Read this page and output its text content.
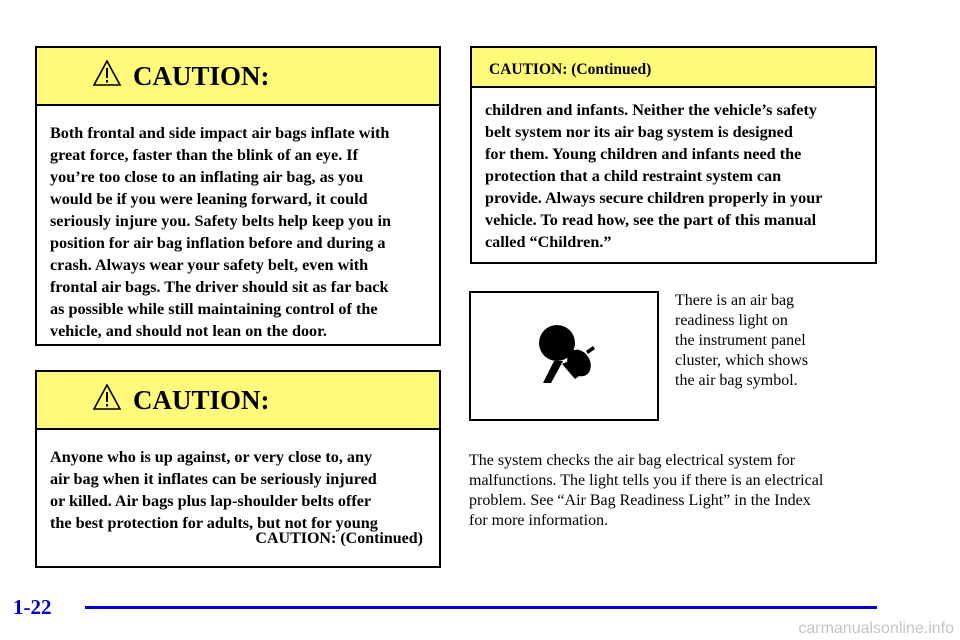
CAUTION:

Both frontal and side impact air bags inflate with
great force, faster than the blink of an eye. If
you’re too close to an inflating air bag, as you
would be if you were leaning forward, it could
seriously injure you. Safety belts help keep you in
position for air bag inflation before and during a
crash. Always wear your safety belt, even with
frontal air bags. The driver should sit as far back
as possible while still maintaining control of the
vehicle, and should not lean on the door.

CAUTION:

Anyone who is up against, or very close to, any
air bag when it inflates can be seriously injured
or killed. Air bags plus lap-shoulder belts offer
the best protection for adults, but not for young

CAUTION: (Continued)
CAUTION: (Continued)

children and infants. Neither the vehicle’s safety
belt system nor its air bag system is designed
for them. Young children and infants need the
protection that a child restraint system can
provide. Always secure children properly in your
vehicle. To read how, see the part of this manual
called “Children.”

There is an air bag
readiness light on
the instrument panel
cluster, which shows
the air bag symbol.

The system checks the air bag electrical system for
malfunctions. The light tells you if there is an electrical
problem. See “Air Bag Readiness Light” in the Index
for more information.

1-22
carmanualsonline.info
